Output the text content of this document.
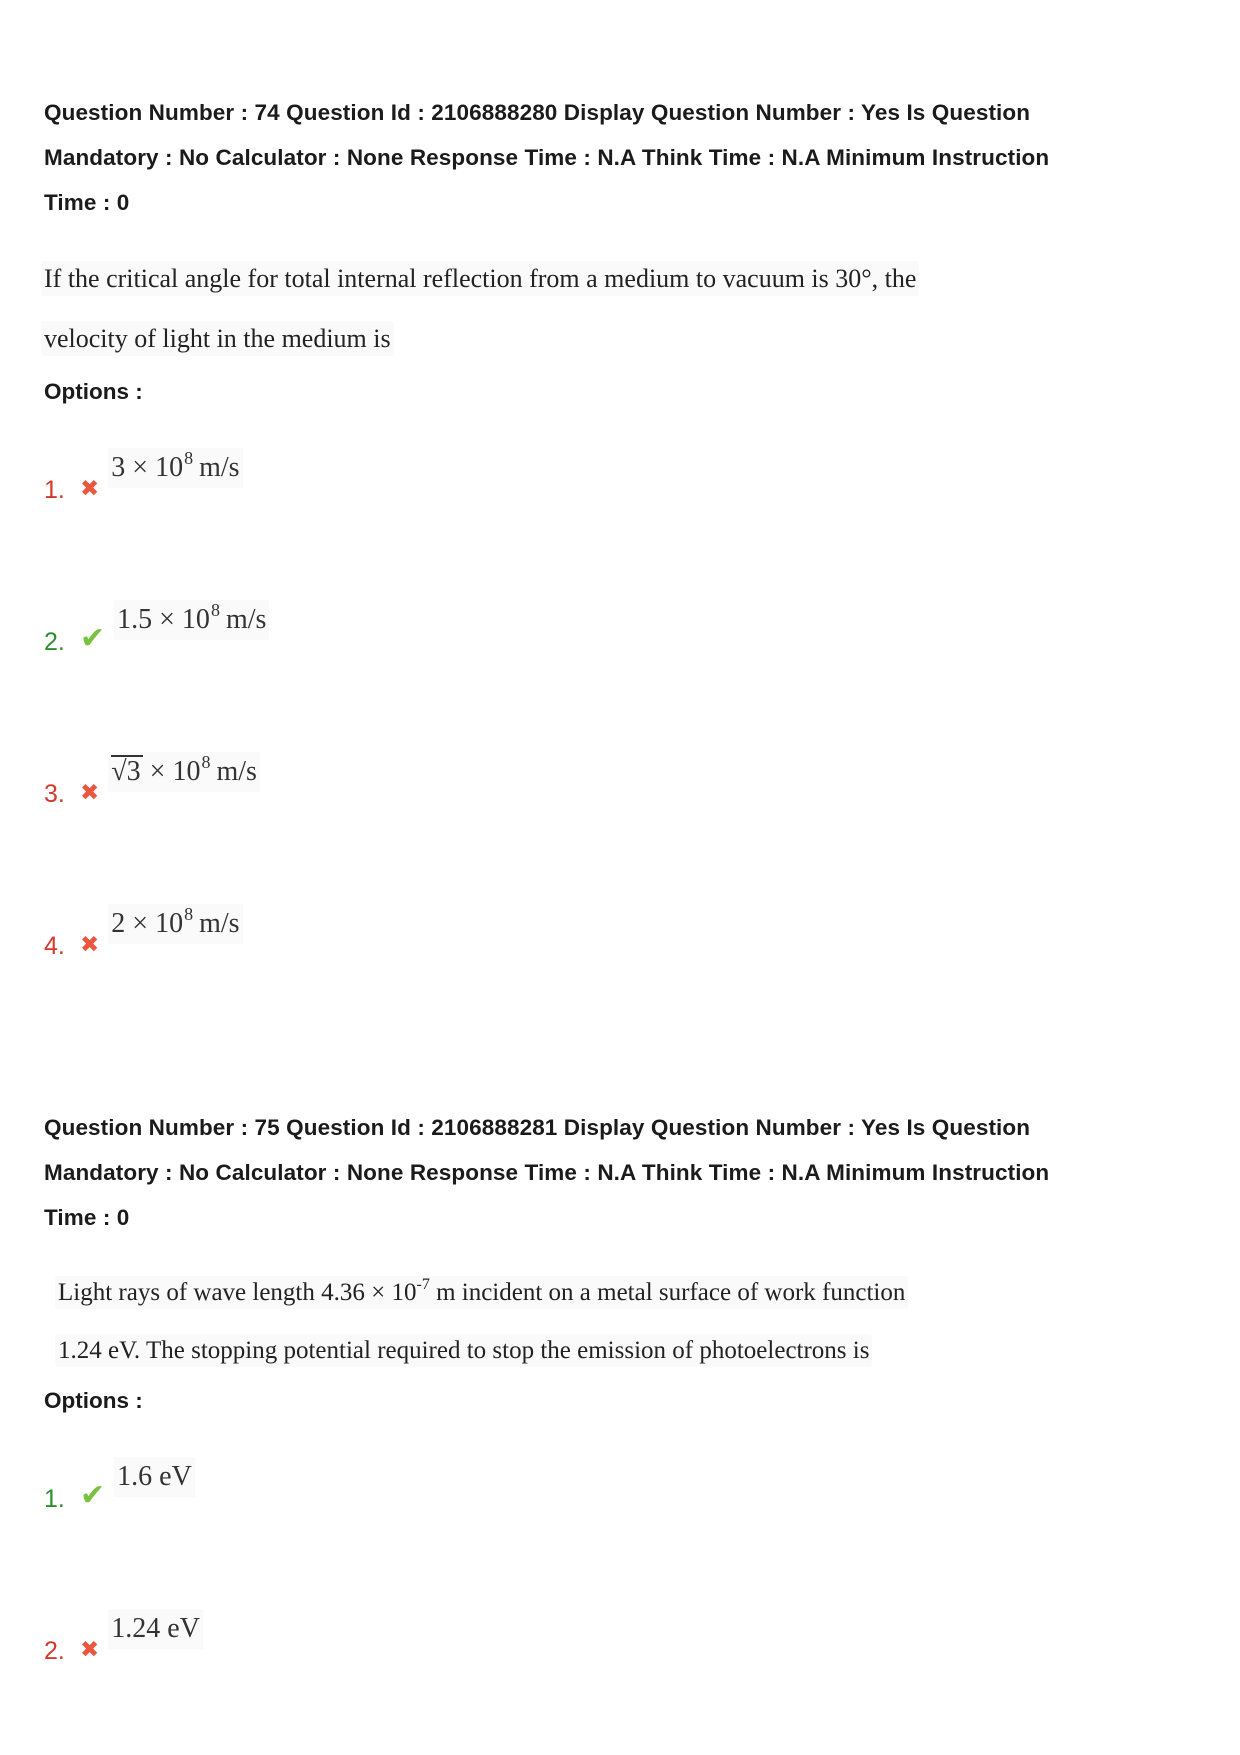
Question Number : 74 Question Id : 2106888280 Display Question Number : Yes Is Question
Mandatory : No Calculator : None Response Time : N.A Think Time : N.A Minimum Instruction
Time : 0
If the critical angle for total internal reflection from a medium to vacuum is 30°, the
velocity of light in the medium is

Options :

1. ✖
$3 \times 10^8$ m/s
2. ✔
$1.5 \times 10^8$ m/s
3. ✖
√ $3 \times 10^8$ m/s
4. ✖
$2 \times 10^8$ m/s
Question Number : 75 Question Id : 2106888281 Display Question Number : Yes Is Question
Mandatory : No Calculator : None Response Time : N.A Think Time : N.A Minimum Instruction
Time : 0
Light rays of wave length $4.36 \times 10^{-7}$ m incident on a metal surface of work function
1.24 eV. The stopping potential required to stop the emission of photoelectrons is

Options :

1. ✔
1.6 eV
2. ✖
1.24 eV
